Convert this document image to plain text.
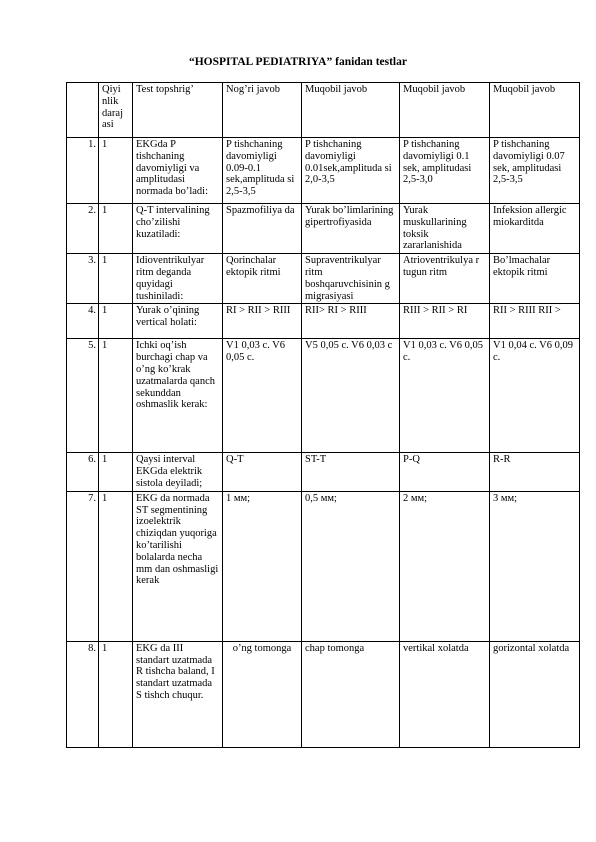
“HOSPITAL PEDIATRIYA” fanidan testlar
	Qiyi nlik daraj asi	Test topshrig’	Nog’ri javob	Muqobil javob	Muqobil javob	Muqobil javob
1.	1	EKGda P tishchaning davomiyligi va amplitudasi normada bo’ladi:	P tishchaning davomiyligi 0.09-0.1 sek,amplituda si 2,5-3,5	P tishchaning davomiyligi 0.01sek,amplituda si 2,0-3,5	P tishchaning davomiyligi 0.1 sek, amplitudasi 2,5-3,0	P tishchaning davomiyligi 0.07 sek, amplitudasi 2,5-3,5
2.	1	Q-T intervalining cho’zilishi kuzatiladi:	Spazmofiliya da	Yurak bo’limlarining gipertrofiyasida	Yurak muskullarining toksik zararlanishida	Infeksion allergic miokarditda
3.	1	Idioventrikulyar ritm deganda quyidagi tushiniladi:	Qorinchalar ektopik ritmi	Supraventrikulyar ritm boshqaruvchisinin g migrasiyasi	Atrioventrikulya r tugun ritm	Bo’lmachalar ektopik ritmi
4.	1	Yurak o’qining vertical holati:	RI > RII > RIII	RII> RI > RIII	RIII > RII > RI	RII > RIII RII >
5.	1	Ichki oq’ish burchagi chap va o’ng ko’krak uzatmalarda qanch sekunddan oshmaslik kerak:	V1 0,03 c. V6 0,05 c.	V5 0,05 c. V6 0,03 c	V1 0,03 c. V6 0,05 c.	V1 0,04 c. V6 0,09 c.
6.	1	Qaysi interval EKGda elektrik sistola deyiladi;	Q-T	ST-T	P-Q	R-R
7.	1	EKG da normada ST segmentining izoelektrik chiziqdan yuqoriga ko’tarilishi bolalarda necha mm dan oshmasligi kerak	1 мм;	0,5 мм;	2 мм;	3 мм;
8.	1	EKG da III standart uzatmada R tishcha baland, I standart uzatmada S tishch chuqur.	o’ng tomonga	chap tomonga	vertikal xolatda	gorizontal xolatda
